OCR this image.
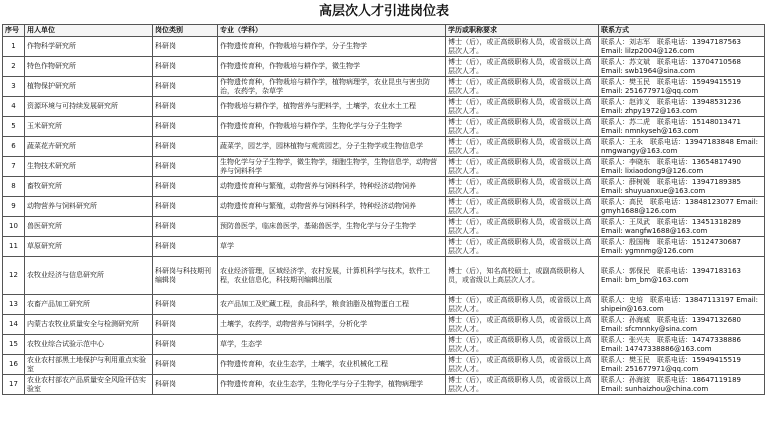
高层次人才引进岗位表
序号	用人单位	岗位类别	专业（学科）	学历或职称要求	联系方式
1	作物科学研究所	科研岗	作物遗传育种，作物栽培与耕作学，分子生物学	博士（后），或正高级职称人员，或省级以上高层次人才。	联系人：刘志军　联系电话：13947187563 Email: lilzp2004@126.com
2	特色作物研究所	科研岗	作物遗传育种，作物栽培与耕作学，微生物学	博士（后），或正高级职称人员，或省级以上高层次人才。	联系人：苏文斌　联系电话：13704710568 Email: swb1964@sina.com
3	植物保护研究所	科研岗	作物遗传育种，作物栽培与耕作学，植物病理学，农业昆虫与害虫防治，农药学，杂草学	博士（后），或正高级职称人员，或省级以上高层次人才。	联系人：樊玉民　联系电话：15949415519 Email: 251677971@qq.com
4	资源环境与可持续发展研究所	科研岗	作物栽培与耕作学，植物营养与肥料学，土壤学，农业水土工程	博士（后），或正高级职称人员，或省级以上高层次人才。	联系人：赵沛义　联系电话：13948531236 Email: zhpy1972@163.com
5	玉米研究所	科研岗	作物遗传育种，作物栽培与耕作学，生物化学与分子生物学	博士（后），或正高级职称人员，或省级以上高层次人才。	联系人：苏二虎　联系电话：15148013471 Email: nmnkyseh@163.com
6	蔬菜花卉研究所	科研岗	蔬菜学，园艺学，园林植物与观赏园艺，分子生物学或生物信息学	博士（后），或正高级职称人员，或省级以上高层次人才。	联系人：王永　联系电话：13947183848 Email: nmgwangy@163.com
7	生物技术研究所	科研岗	生物化学与分子生物学，微生物学，细胞生物学，生物信息学，动物营养与饲料科学	博士（后），或正高级职称人员，或省级以上高层次人才。	联系人：李晓东　联系电话：13654817490 Email: lixiaodong9@126.com
8	畜牧研究所	科研岗	动物遗传育种与繁殖，动物营养与饲料科学，特种经济动物饲养	博士（后），或正高级职称人员，或省级以上高层次人才。	联系人：薛树媛　联系电话：13947189385 Email: shuyuanxue@163.com
9	动物营养与饲料研究所	科研岗	动物遗传育种与繁殖，动物营养与饲料科学，特种经济动物饲养	博士（后），或正高级职称人员，或省级以上高层次人才。	联系人：高民　联系电话：13848123077 Email: gmyh1688@126.com
10	兽医研究所	科研岗	预防兽医学，临床兽医学，基础兽医学，生物化学与分子生物学	博士（后），或正高级职称人员，或省级以上高层次人才。	联系人：王凤武　联系电话：13451318289 Email: wangfw1688@163.com
11	草原研究所	科研岗	草学	博士（后），或正高级职称人员，或省级以上高层次人才。	联系人：殷国梅　联系电话：15124730687 Email: ygmnmg@126.com
12	农牧业经济与信息研究所	科研岗与科技期刊编辑岗	农业经济管理，区域经济学，农村发展，计算机科学与技术，软件工程，农业信息化，科技期刊编辑出版	博士（后），知名高校硕士，或副高级职称人员，或省级以上高层次人才。	联系人：郭保民　联系电话：13947183163 Email: bm_bm@163.com
13	农畜产品加工研究所	科研岗	农产品加工及贮藏工程，食品科学，粮食油脂及植物蛋白工程	博士（后），或正高级职称人员，或省级以上高层次人才。	联系人：史培　联系电话：13847113197 Email: shipein@163.com
14	内蒙古农牧业质量安全与检测研究所	科研岗	土壤学，农药学，动物营养与饲料学，分析化学	博士（后），或正高级职称人员，或省级以上高层次人才。	联系人：孙海威　联系电话：13947132680 Email: sfcmnnky@sina.com
15	农牧业综合试验示范中心	科研岗	草学，生态学	博士（后），或正高级职称人员，或省级以上高层次人才。	联系人：张兴夫　联系电话：14747338886 Email: 14747338886@163.com
16	农业农村部黑土地保护与利用重点实验室	科研岗	作物遗传育种，农业生态学，土壤学，农业机械化工程	博士（后），或正高级职称人员，或省级以上高层次人才。	联系人：樊玉民　联系电话：15949415519 Email: 251677971@qq.com
17	农业农村部农产品质量安全风险评估实验室	科研岗	作物遗传育种，农业生态学，生物化学与分子生物学，植物病理学	博士（后），或正高级职称人员，或省级以上高层次人才。	联系人：孙海波　联系电话：18647119189 Email: sunhaizhou@china.com
